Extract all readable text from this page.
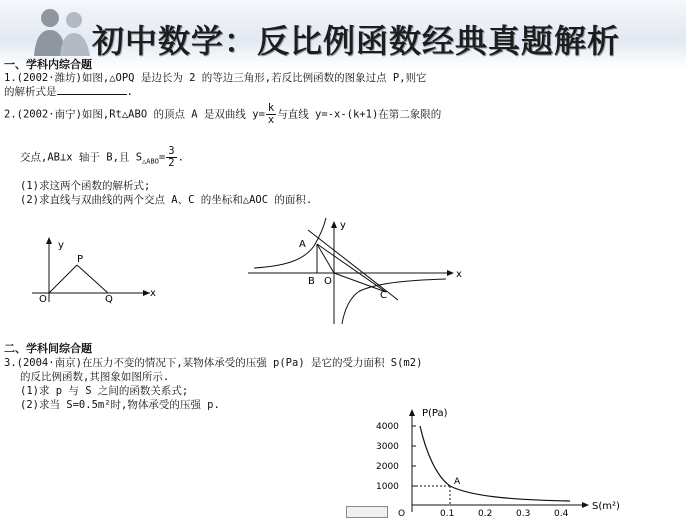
初中数学：反比例函数经典真题解析
一、学科内综合题
1.(2002·潍坊)如图,△OPQ 是边长为 2 的等边三角形,若反比例函数的图象过点 P,则它
的解析式是	.
2.(2002·南宁)如图,Rt△ABO 的顶点 A 是双曲线 $y= \frac{k}{x}$ 与直线 y=-x-(k+1)在第二象限的
交点,AB⊥x 轴于 B,且 $S_{\triangle ABO}= \frac{3}{2}$ .
(1)求这两个函数的解析式;
(2)求直线与双曲线的两个交点 A、C 的坐标和△AOC 的面积.
y
x
P
O	Q
y
x
A
B O
C
二、学科间综合题
3.(2004·南京)在压力不变的情况下,某物体承受的压强 p(Pa) 是它的受力面积 S(m2)
的反比例函数,其图象如图所示.
(1)求 p 与 S 之间的函数关系式;
(2)求当 S=0.5m²时,物体承受的压强 p.
4000
3000
2000
1000
0.1	0.2	0.3	0.4
O
A
P(Pa)
S(m²)
